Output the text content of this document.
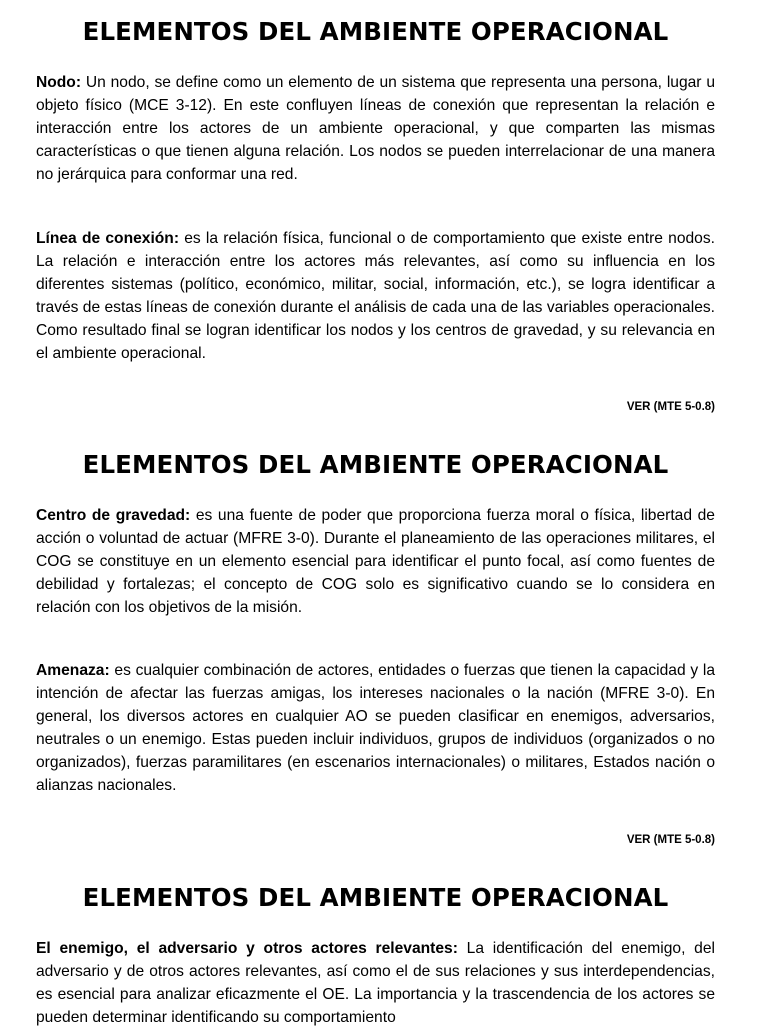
ELEMENTOS DEL AMBIENTE OPERACIONAL

Nodo: Un nodo, se define como un elemento de un sistema que representa una persona, lugar u objeto físico (MCE 3-12). En este confluyen líneas de conexión que representan la relación e interacción entre los actores de un ambiente operacional, y que comparten las mismas características o que tienen alguna relación. Los nodos se pueden interrelacionar de una manera no jerárquica para conformar una red.

Línea de conexión: es la relación física, funcional o de comportamiento que existe entre nodos. La relación e interacción entre los actores más relevantes, así como su influencia en los diferentes sistemas (político, económico, militar, social, información, etc.), se logra identificar a través de estas líneas de conexión durante el análisis de cada una de las variables operacionales. Como resultado final se logran identificar los nodos y los centros de gravedad, y su relevancia en el ambiente operacional.

VER (MTE 5-0.8)
ELEMENTOS DEL AMBIENTE OPERACIONAL

Centro de gravedad: es una fuente de poder que proporciona fuerza moral o física, libertad de acción o voluntad de actuar (MFRE 3-0). Durante el planeamiento de las operaciones militares, el COG se constituye en un elemento esencial para identificar el punto focal, así como fuentes de debilidad y fortalezas; el concepto de COG solo es significativo cuando se lo considera en relación con los objetivos de la misión.

Amenaza: es cualquier combinación de actores, entidades o fuerzas que tienen la capacidad y la intención de afectar las fuerzas amigas, los intereses nacionales o la nación (MFRE 3-0). En general, los diversos actores en cualquier AO se pueden clasificar en enemigos, adversarios, neutrales o un enemigo. Estas pueden incluir individuos, grupos de individuos (organizados o no organizados), fuerzas paramilitares (en escenarios internacionales) o militares, Estados nación o alianzas nacionales.

VER (MTE 5-0.8)
ELEMENTOS DEL AMBIENTE OPERACIONAL

El enemigo, el adversario y otros actores relevantes: La identificación del enemigo, del adversario y de otros actores relevantes, así como el de sus relaciones y sus interdependencias, es esencial para analizar eficazmente el OE. La importancia y la trascendencia de los actores se pueden determinar identificando su comportamiento
